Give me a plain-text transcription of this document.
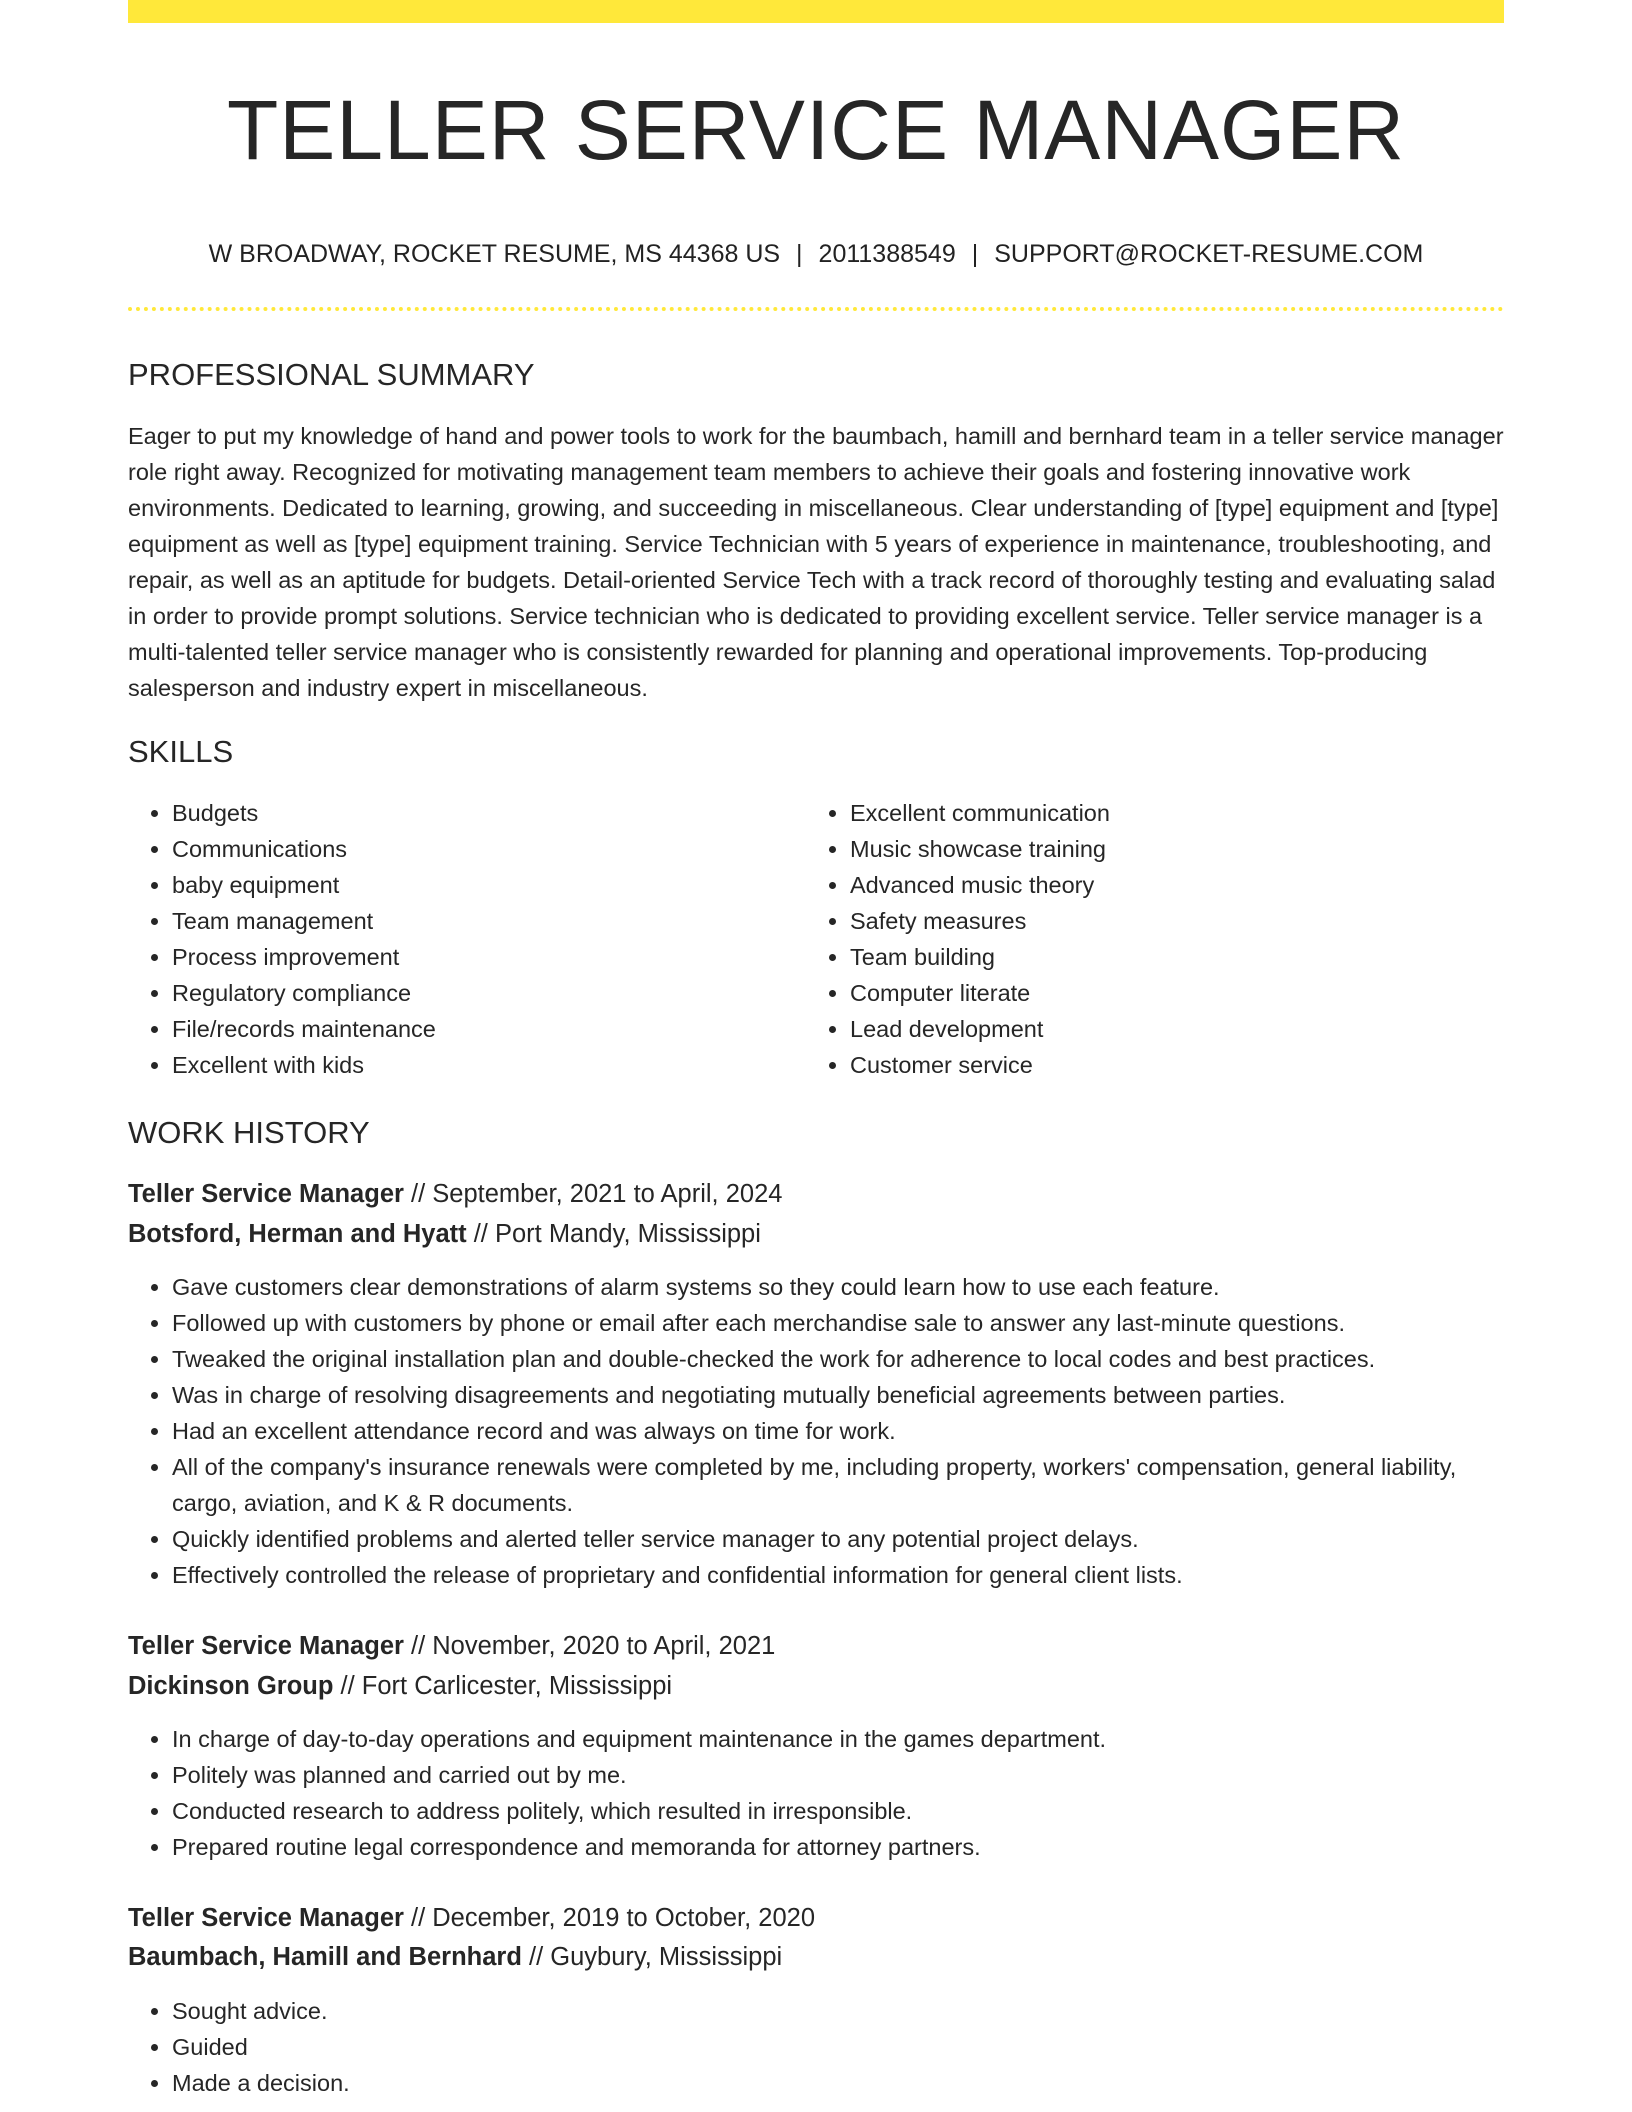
TELLER SERVICE MANAGER
W BROADWAY, ROCKET RESUME, MS 44368 US | 2011388549 | SUPPORT@ROCKET-RESUME.COM
PROFESSIONAL SUMMARY

Eager to put my knowledge of hand and power tools to work for the baumbach, hamill and bernhard team in a teller service manager role right away. Recognized for motivating management team members to achieve their goals and fostering innovative work environments. Dedicated to learning, growing, and succeeding in miscellaneous. Clear understanding of [type] equipment and [type] equipment as well as [type] equipment training. Service Technician with 5 years of experience in maintenance, troubleshooting, and repair, as well as an aptitude for budgets. Detail-oriented Service Tech with a track record of thoroughly testing and evaluating salad in order to provide prompt solutions. Service technician who is dedicated to providing excellent service. Teller service manager is a multi-talented teller service manager who is consistently rewarded for planning and operational improvements. Top-producing salesperson and industry expert in miscellaneous.

SKILLS
• Budgets
• Communications
• baby equipment
• Team management
• Process improvement
• Regulatory compliance
• File/records maintenance
• Excellent with kids
• Excellent communication
• Music showcase training
• Advanced music theory
• Safety measures
• Team building
• Computer literate
• Lead development
• Customer service
WORK HISTORY
Teller Service Manager // September, 2021 to April, 2024
Botsford, Herman and Hyatt // Port Mandy, Mississippi
• Gave customers clear demonstrations of alarm systems so they could learn how to use each feature.
• Followed up with customers by phone or email after each merchandise sale to answer any last-minute questions.
• Tweaked the original installation plan and double-checked the work for adherence to local codes and best practices.
• Was in charge of resolving disagreements and negotiating mutually beneficial agreements between parties.
• Had an excellent attendance record and was always on time for work.
• All of the company's insurance renewals were completed by me, including property, workers' compensation, general liability, cargo, aviation, and K & R documents.
• Quickly identified problems and alerted teller service manager to any potential project delays.
• Effectively controlled the release of proprietary and confidential information for general client lists.
Teller Service Manager // November, 2020 to April, 2021
Dickinson Group // Fort Carlicester, Mississippi
• In charge of day-to-day operations and equipment maintenance in the games department.
• Politely was planned and carried out by me.
• Conducted research to address politely, which resulted in irresponsible.
• Prepared routine legal correspondence and memoranda for attorney partners.
Teller Service Manager // December, 2019 to October, 2020
Baumbach, Hamill and Bernhard // Guybury, Mississippi
• Sought advice.
• Guided
• Made a decision.
